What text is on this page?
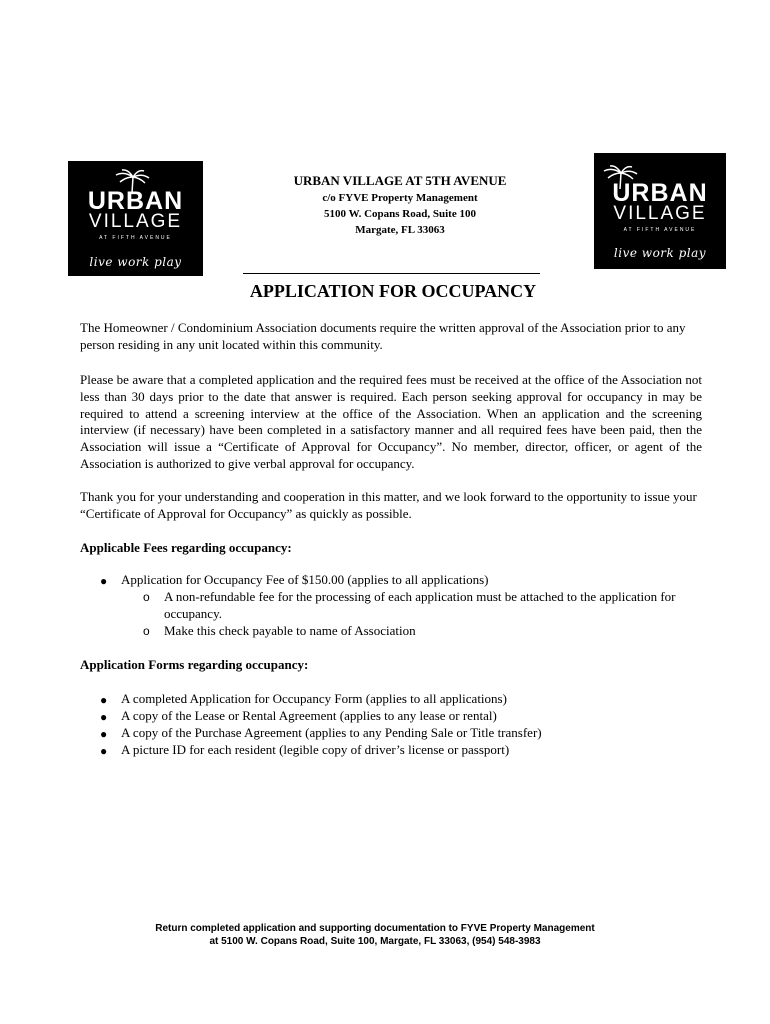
URBAN
VILLAGE
AT FIFTH AVENUE
live work play
URBAN
VILLAGE
AT FIFTH AVENUE
live work play
URBAN VILLAGE AT 5TH AVENUE
c/o FYVE Property Management
5100 W. Copans Road, Suite 100
Margate, FL 33063
APPLICATION FOR OCCUPANCY
The Homeowner / Condominium Association documents require the written approval of the Association prior to any person residing in any unit located within this community.
Please be aware that a completed application and the required fees must be received at the office of the Association not less than 30 days prior to the date that answer is required. Each person seeking approval for occupancy in may be required to attend a screening interview at the office of the Association. When an application and the screening interview (if necessary) have been completed in a satisfactory manner and all required fees have been paid, then the Association will issue a “Certificate of Approval for Occupancy”. No member, director, officer, or agent of the Association is authorized to give verbal approval for occupancy.
Thank you for your understanding and cooperation in this matter, and we look forward to the opportunity to issue your “Certificate of Approval for Occupancy” as quickly as possible.
Applicable Fees regarding occupancy:
● Application for Occupancy Fee of $150.00 (applies to all applications)
o A non-refundable fee for the processing of each application must be attached to the application for occupancy.
o Make this check payable to name of Association
Application Forms regarding occupancy:
● A completed Application for Occupancy Form (applies to all applications)
● A copy of the Lease or Rental Agreement (applies to any lease or rental)
● A copy of the Purchase Agreement (applies to any Pending Sale or Title transfer)
● A picture ID for each resident (legible copy of driver’s license or passport)
Return completed application and supporting documentation to FYVE Property Management
at 5100 W. Copans Road, Suite 100, Margate, FL 33063, (954) 548-3983
